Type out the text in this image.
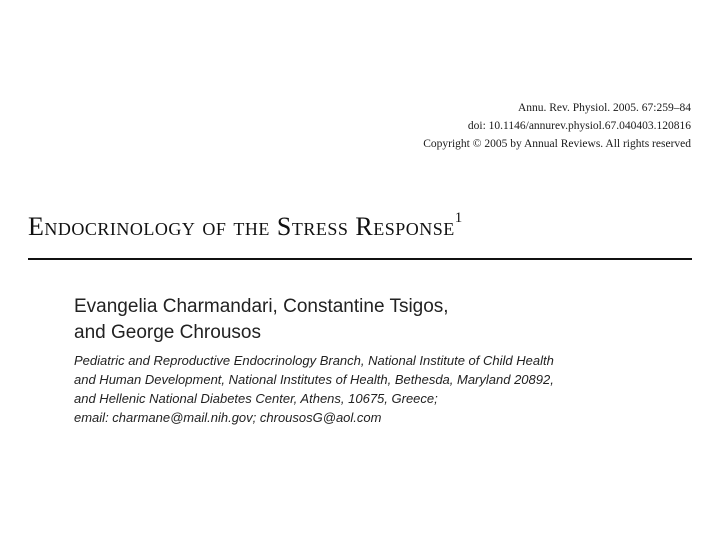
Annu. Rev. Physiol. 2005. 67:259–84
doi: 10.1146/annurev.physiol.67.040403.120816
Copyright © 2005 by Annual Reviews. All rights reserved
Endocrinology of the Stress Response$^1$
Evangelia Charmandari, Constantine Tsigos,
and George Chrousos
Pediatric and Reproductive Endocrinology Branch, National Institute of Child Health
and Human Development, National Institutes of Health, Bethesda, Maryland 20892,
and Hellenic National Diabetes Center, Athens, 10675, Greece;
email: charmane@mail.nih.gov; chrousosG@aol.com
